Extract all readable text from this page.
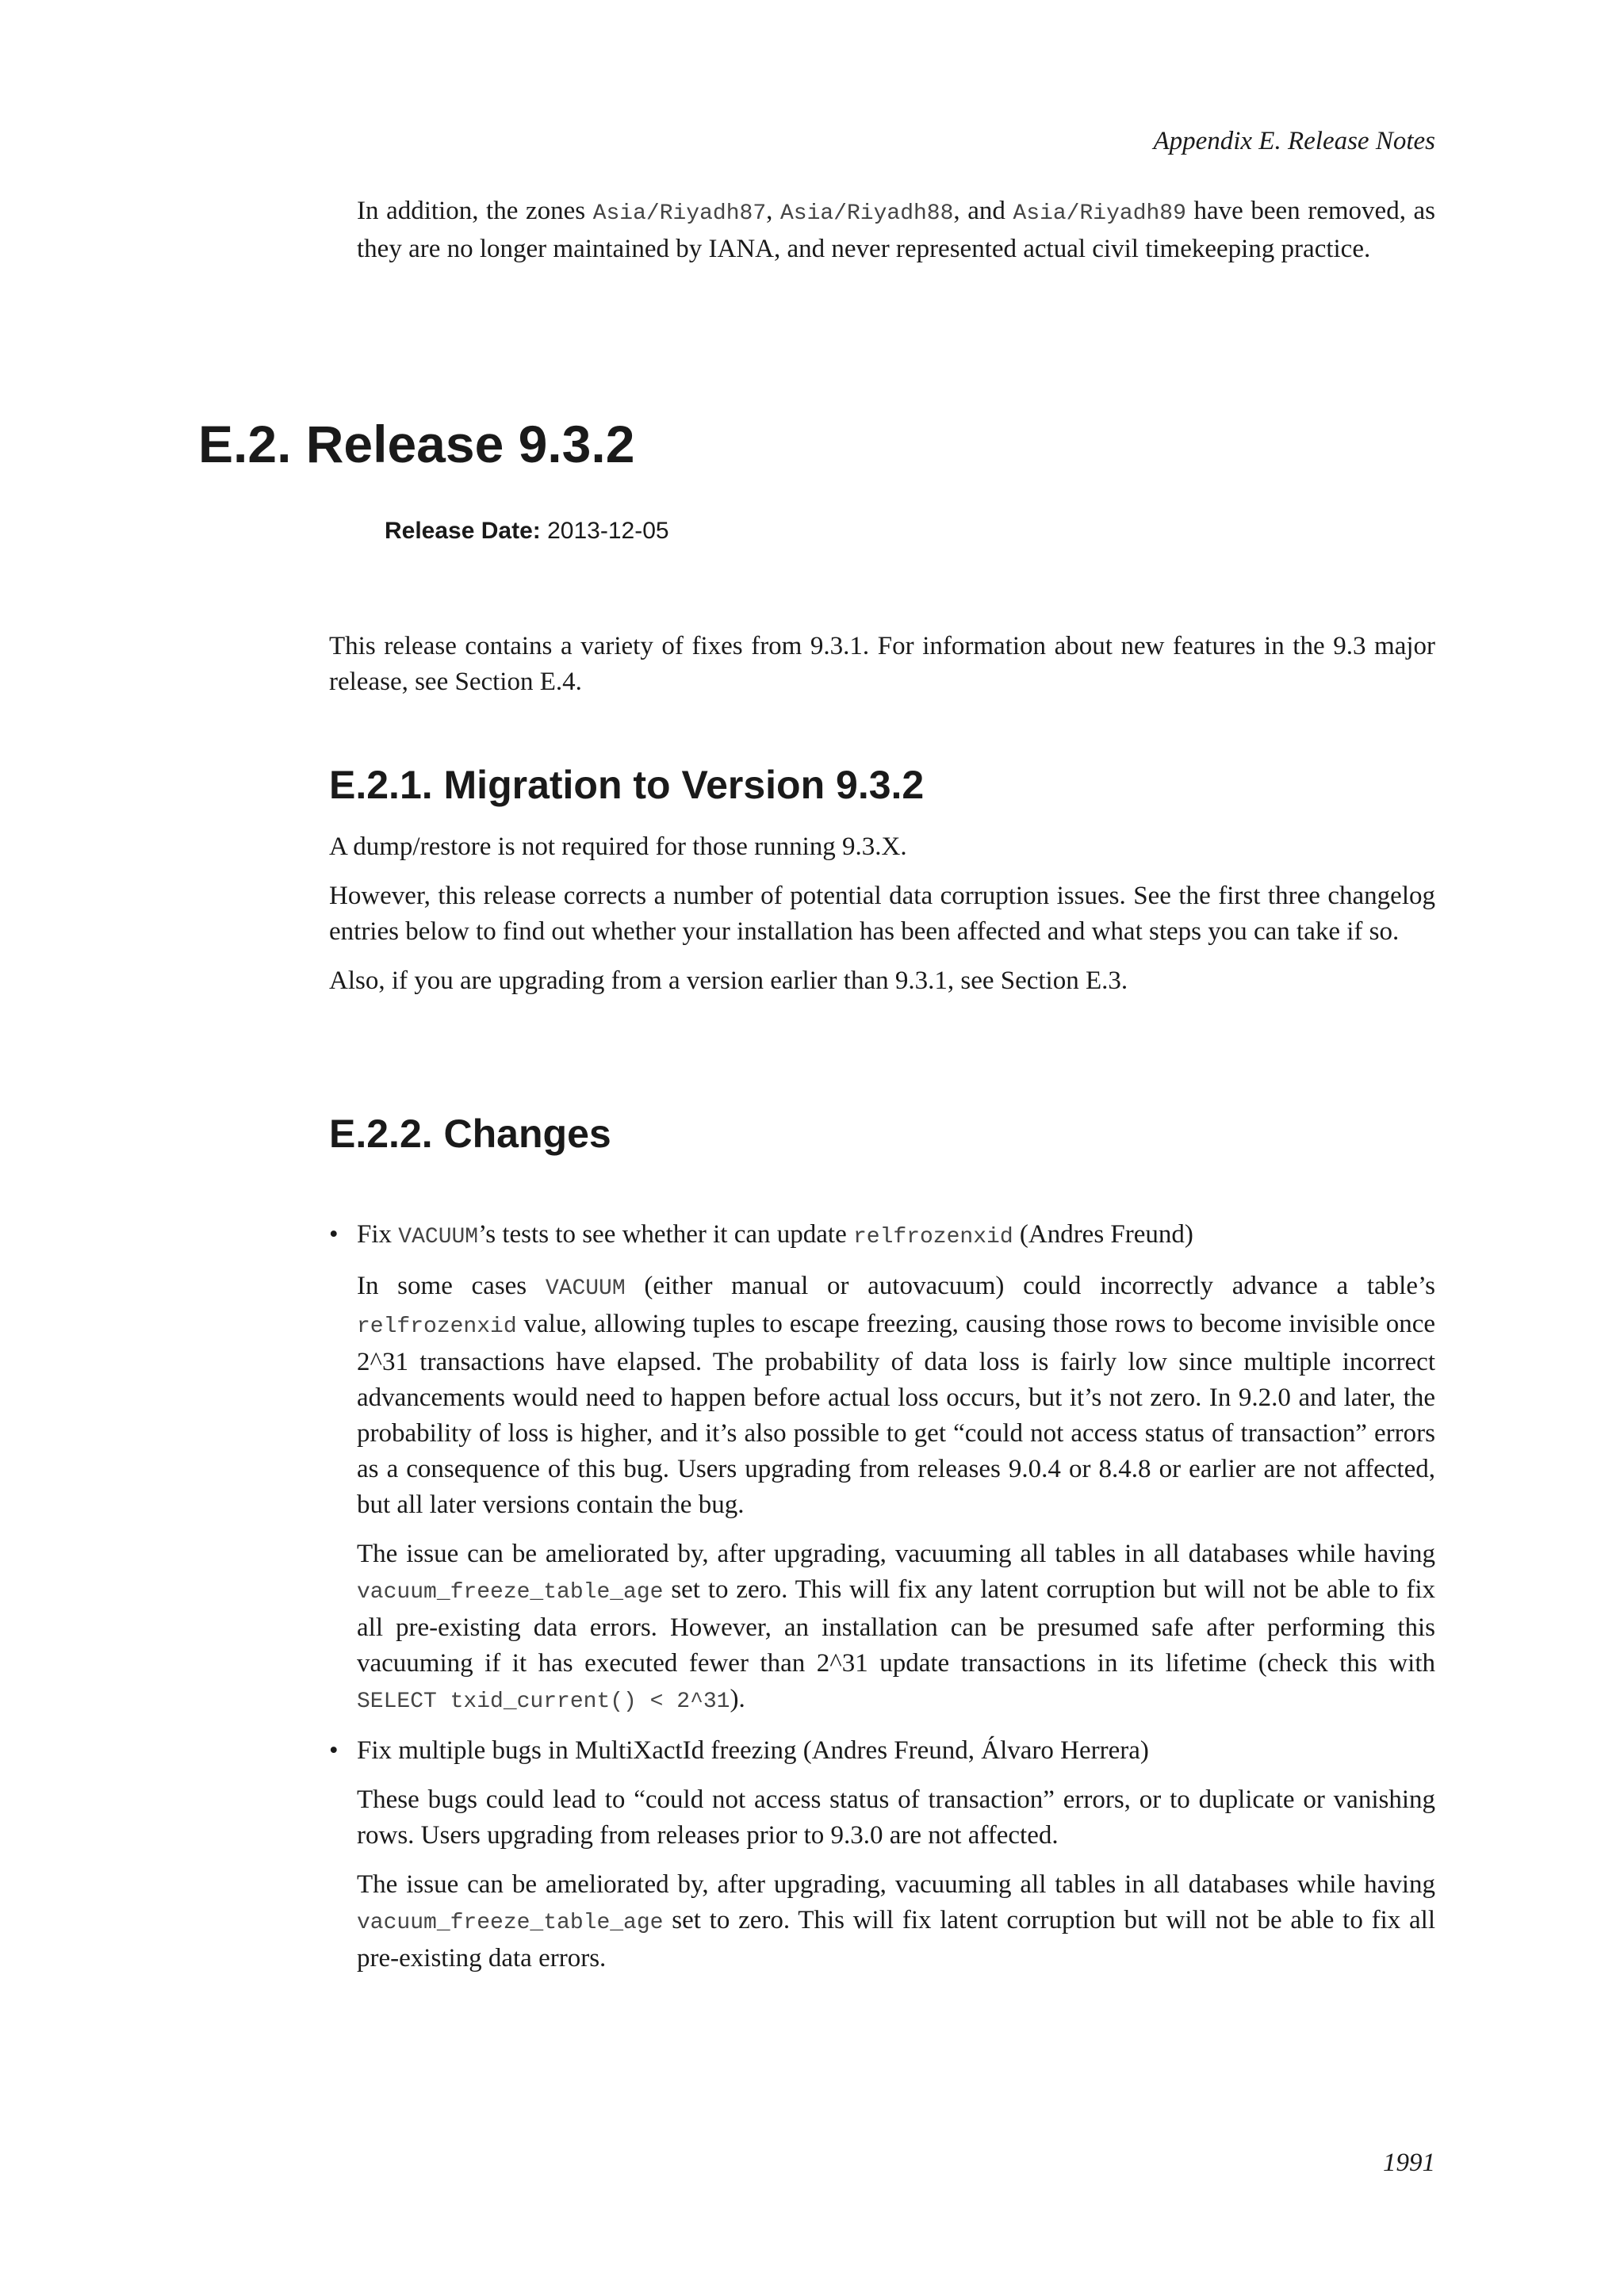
Appendix E. Release Notes

In addition, the zones Asia/Riyadh87, Asia/Riyadh88, and Asia/Riyadh89 have been removed, as they are no longer maintained by IANA, and never represented actual civil timekeeping practice.

E.2. Release 9.3.2
Release Date: 2013-12-05

This release contains a variety of fixes from 9.3.1. For information about new features in the 9.3 major release, see Section E.4.

E.2.1. Migration to Version 9.3.2

A dump/restore is not required for those running 9.3.X.

However, this release corrects a number of potential data corruption issues. See the first three changelog entries below to find out whether your installation has been affected and what steps you can take if so.

Also, if you are upgrading from a version earlier than 9.3.1, see Section E.3.

E.2.2. Changes
• Fix VACUUM’s tests to see whether it can update relfrozenxid (Andres Freund)

In some cases VACUUM (either manual or autovacuum) could incorrectly advance a table’s relfrozenxid value, allowing tuples to escape freezing, causing those rows to become invisible once 2^31 transactions have elapsed. The probability of data loss is fairly low since multiple incorrect advancements would need to happen before actual loss occurs, but it’s not zero. In 9.2.0 and later, the probability of loss is higher, and it’s also possible to get “could not access status of transaction” errors as a consequence of this bug. Users upgrading from releases 9.0.4 or 8.4.8 or earlier are not affected, but all later versions contain the bug.

The issue can be ameliorated by, after upgrading, vacuuming all tables in all databases while having vacuum_freeze_table_age set to zero. This will fix any latent corruption but will not be able to fix all pre-existing data errors. However, an installation can be presumed safe after performing this vacuuming if it has executed fewer than 2^31 update transactions in its lifetime (check this with SELECT txid_current() < 2^31).

• Fix multiple bugs in MultiXactId freezing (Andres Freund, Álvaro Herrera)

These bugs could lead to “could not access status of transaction” errors, or to duplicate or vanishing rows. Users upgrading from releases prior to 9.3.0 are not affected.

The issue can be ameliorated by, after upgrading, vacuuming all tables in all databases while having vacuum_freeze_table_age set to zero. This will fix latent corruption but will not be able to fix all pre-existing data errors.

1991
